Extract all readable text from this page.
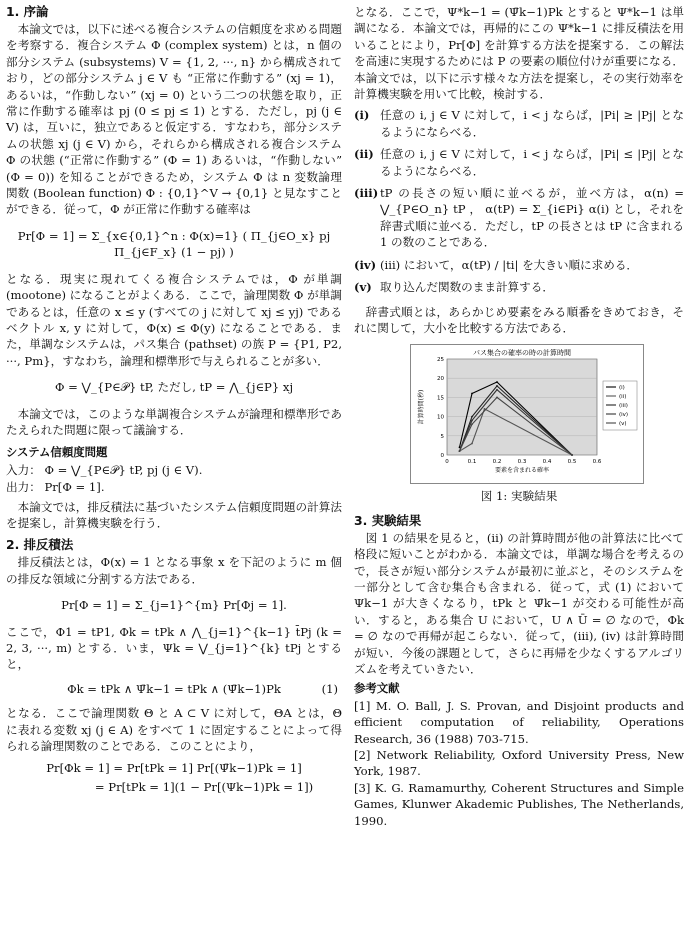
1. 序論

本論文では，以下に述べる複合システムの信頼度を求める問題を考察する．複合システム Φ (complex system) とは，n 個の部分システム (subsystems) V = {1, 2, ···, n} から構成されており，どの部分システム j ∈ V も “正常に作動する” (xj = 1)，あるいは，“作動しない” (xj = 0) という二つの状態を取り，正常に作動する確率は pj (0 ≤ pj ≤ 1) とする．ただし，pj (j ∈ V) は，互いに，独立であると仮定する．すなわち，部分システムの状態 xj (j ∈ V) から，それらから構成される複合システム Φ の状態 (“正常に作動する” (Φ = 1) あるいは，“作動しない” (Φ = 0)) を知ることができるため，システム Φ は n 変数論理関数 (Boolean function) Φ : {0,1}^V → {0,1} と見なすことができる．従って，Φ が正常に作動する確率は

Pr[Φ = 1] = Σ_{x∈{0,1}^n : Φ(x)=1} ( Π_{j∈O_x} pj Π_{j∈F_x} (1 − pj) )

となる．現実に現れてくる複合システムでは，Φ が単調 (mootone) になることがよくある．ここで，論理関数 Φ が単調であるとは，任意の x ≤ y (すべての j に対して xj ≤ yj) であるベクトル x, y に対して，Φ(x) ≤ Φ(y) になることである．また，単調なシステムは，パス集合 (pathset) の族 P = {P1, P2, ···, Pm}，すなわち，論理和標準形で与えられることが多い．

Φ = ⋁_{P∈𝒫} tP, ただし, tP = ⋀_{j∈P} xj

本論文では，このような単調複合システムが論理和標準形であたえられた問題に限って議論する．

システム信頼度問題
入力： Φ = ⋁_{P∈𝒫} tP, pj (j ∈ V).
出力： Pr[Φ = 1].

本論文では，排反積法に基づいたシステム信頼度問題の計算法を提案し，計算機実験を行う．

2. 排反積法

排反積法とは，Φ(x) = 1 となる事象 x を下記のように m 個の排反な領域に分割する方法である．

Pr[Φ = 1] = Σ_{j=1}^{m} Pr[Φj = 1].

ここで，Φ1 = tP1, Φk = tPk ∧ ⋀_{j=1}^{k−1} t̄Pj (k = 2, 3, ···, m) とする．いま，Ψk = ⋁_{j=1}^{k} tPj とすると，

Φk = tPk ∧ Ψ̄k−1 = tPk ∧ (Ψ̄k−1)Pk	(1)

となる．ここで論理関数 Θ と A ⊂ V に対して，ΘA とは，Θ に表れる変数 xj (j ∈ A) をすべて 1 に固定することによって得られる論理関数のことである．このことにより，

Pr[Φk = 1] = Pr[tPk = 1] Pr[(Ψ̄k−1)Pk = 1]
= Pr[tPk = 1](1 − Pr[(Ψk−1)Pk = 1])

となる．ここで，Ψ*k−1 = (Ψ̄k−1)Pk とすると Ψ*k−1 は単調になる．本論文では，再帰的にこの Ψ*k−1 に排反積法を用いることにより，Pr[Φ] を計算する方法を提案する．この解法を高速に実現するためには P の要素の順位付けが重要になる．本論文では，以下に示す様々な方法を提案し，その実行効率を計算機実験を用いて比較，検討する．

(i) 任意の i, j ∈ V に対して，i < j ならば，|Pi| ≥ |Pj| となるようにならべる．
(ii) 任意の i, j ∈ V に対して，i < j ならば，|Pi| ≤ |Pj| となるようにならべる．
(iii) tP の長さの短い順に並べるが，並べ方は，α(n) = ⋁_{P∈O_n} tP ， α(tP) = Σ_{i∈Pi} α(i) とし，それを辞書式順に並べる．ただし，tP の長さとは tP に含まれる 1 の数のことである．
(iv) (iii) において，α(tP) / |ti| を大きい順に求める．
(v) 取り込んだ関数のまま計算する．

辞書式順とは，あらかじめ要素をみる順番をきめておき，それに関して，大小を比較する方法である．

パス集合の確率の時の計算時間
0
5
10
15
20
25
0	0.1	0.2	0.3	0.4	0.5	0.6
要素を含まれる確率
計算時間(秒)
(i)
(ii)
(iii)
(iv)
(v)
図 1: 実験結果
3. 実験結果

図 1 の結果を見ると，(ii) の計算時間が他の計算法に比べて格段に短いことがわかる．本論文では，単調な場合を考えるので，長さが短い部分システムが最初に並ぶと，そのシステムを一部分として含む集合も含まれる．従って，式 (1) において Ψk−1 が大きくなるり，tPk と Ψ̄k−1 が交わる可能性が高い．すると，ある集合 U において，U ∧ Ū = ∅ なので，Φk = ∅ なので再帰が起こらない．従って，(iii), (iv) は計算時間が短い．今後の課題として，さらに再帰を少なくするアルゴリズムを考えていきたい．

参考文献

[1] M. O. Ball, J. S. Provan, and Disjoint products and efficient computation of reliability, Operations Research, 36 (1988) 703-715.

[2] Network Reliability, Oxford University Press, New York, 1987.

[3] K. G. Ramamurthy, Coherent Structures and Simple Games, Klunwer Akademic Publishes, The Netherlands, 1990.
